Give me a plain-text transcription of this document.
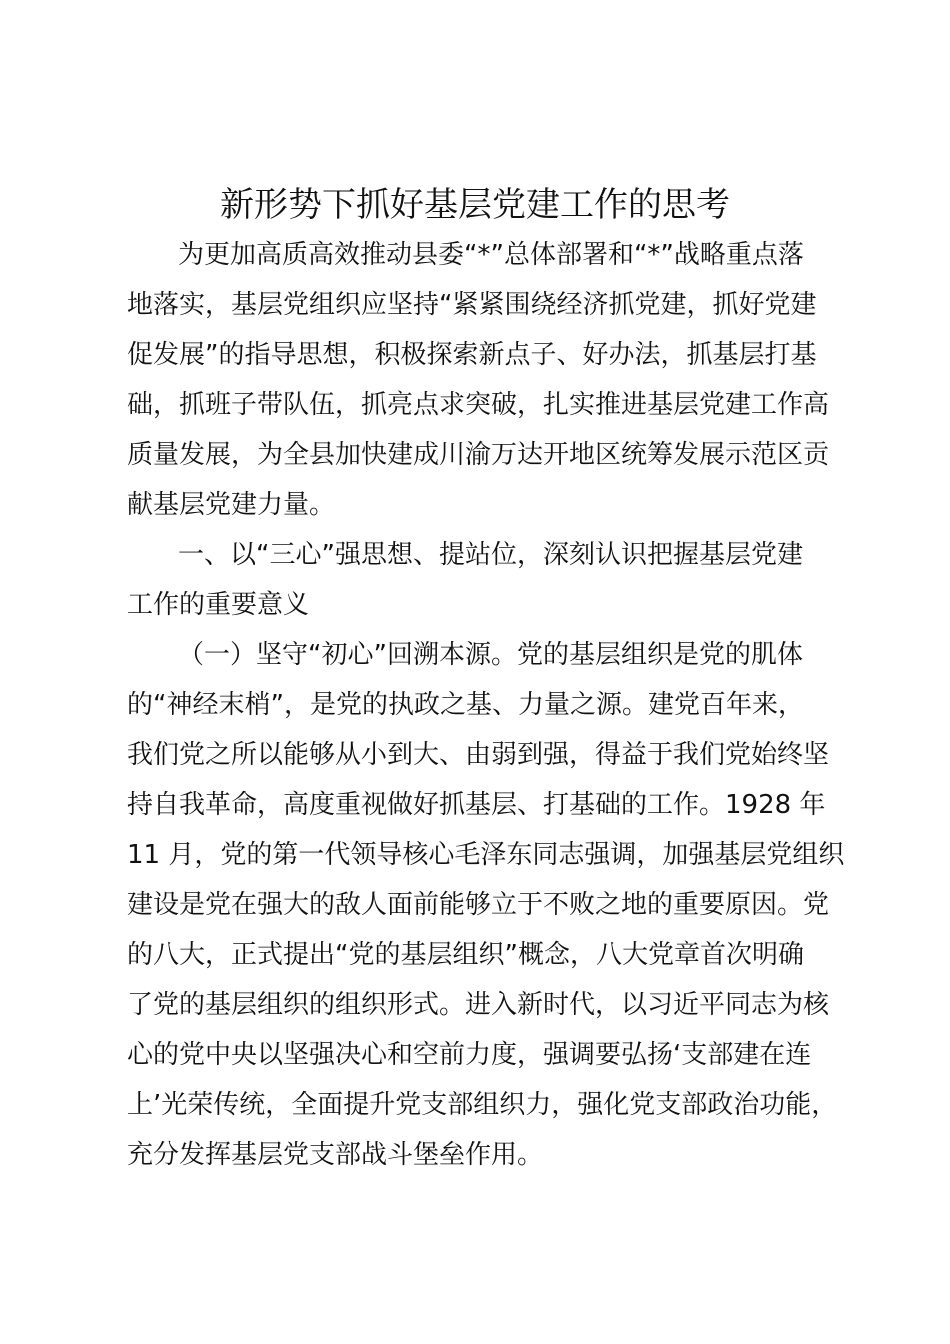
新形势下抓好基层党建工作的思考
为更加高质高效推动县委“*”总体部署和“*”战略重点落
地落实，基层党组织应坚持“紧紧围绕经济抓党建，抓好党建
促发展”的指导思想，积极探索新点子、好办法，抓基层打基
础，抓班子带队伍，抓亮点求突破，扎实推进基层党建工作高
质量发展，为全县加快建成川渝万达开地区统筹发展示范区贡
献基层党建力量。
一、以“三心”强思想、提站位，深刻认识把握基层党建
工作的重要意义
（一）坚守“初心”回溯本源。党的基层组织是党的肌体
的“神经末梢”，是党的执政之基、力量之源。建党百年来，
我们党之所以能够从小到大、由弱到强，得益于我们党始终坚
持自我革命，高度重视做好抓基层、打基础的工作。1928 年
11 月，党的第一代领导核心毛泽东同志强调，加强基层党组织
建设是党在强大的敌人面前能够立于不败之地的重要原因。党
的八大，正式提出“党的基层组织”概念，八大党章首次明确
了党的基层组织的组织形式。进入新时代，以习近平同志为核
心的党中央以坚强决心和空前力度，强调要弘扬‘支部建在连
上’光荣传统，全面提升党支部组织力，强化党支部政治功能，
充分发挥基层党支部战斗堡垒作用。
